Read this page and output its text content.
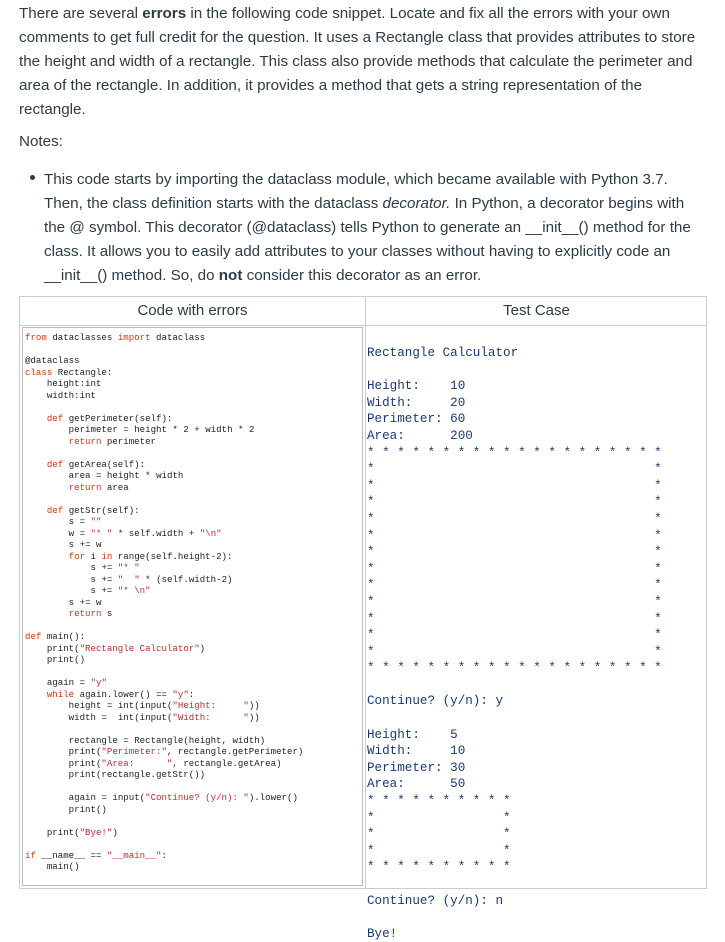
There are several errors in the following code snippet. Locate and fix all the errors with your own comments to get full credit for the question. It uses a Rectangle class that provides attributes to store the height and width of a rectangle. This class also provide methods that calculate the perimeter and area of the rectangle. In addition, it provides a method that gets a string representation of the rectangle.

Notes:
This code starts by importing the dataclass module, which became available with Python 3.7. Then, the class definition starts with the dataclass decorator. In Python, a decorator begins with the @ symbol. This decorator (@dataclass) tells Python to generate an __init__() method for the class. It allows you to easily add attributes to your classes without having to explicitly code an __init__() method. So, do not consider this decorator as an error.
Code with errors	Test Case
from dataclasses import dataclass

@dataclass
class Rectangle:
height:int
width:int

def getPerimeter(self):
perimeter = height * 2 + width * 2
return perimeter

def getArea(self):
area = height * width
return area

def getStr(self):
s = ""
w = "* " * self.width + "\n"
s += w
for i in range(self.height-2):
s += "* "
s += "  " * (self.width-2)
s += "* \n"
s += w
return s

def main():
print("Rectangle Calculator")
print()

again = "y"
while again.lower() == "y":
height = int(input("Height:     "))
width = int(input("Width:      "))

rectangle = Rectangle(height, width)
print("Perimeter:", rectangle.getPerimeter)
print("Area:      ", rectangle.getArea)
print(rectangle.getStr())

again = input("Continue? (y/n): ").lower()
print()

print("Bye!")

if __name__ == "__main__":
main()
Rectangle Calculator

Height:    10
Width:     20
Perimeter: 60
Area:      200
* * * * * * * * * * * * * * * * * * * *
*                                     *
*                                     *
*                                     *
*                                     *
*                                     *
*                                     *
*                                     *
*                                     *
*                                     *
*                                     *
*                                     *
*                                     *
* * * * * * * * * * * * * * * * * * * *

Continue? (y/n): y

Height:    5
Width:     10
Perimeter: 30
Area:      50
* * * * * * * * * *
*                 *
*                 *
*                 *
* * * * * * * * * *

Continue? (y/n): n

Bye!
